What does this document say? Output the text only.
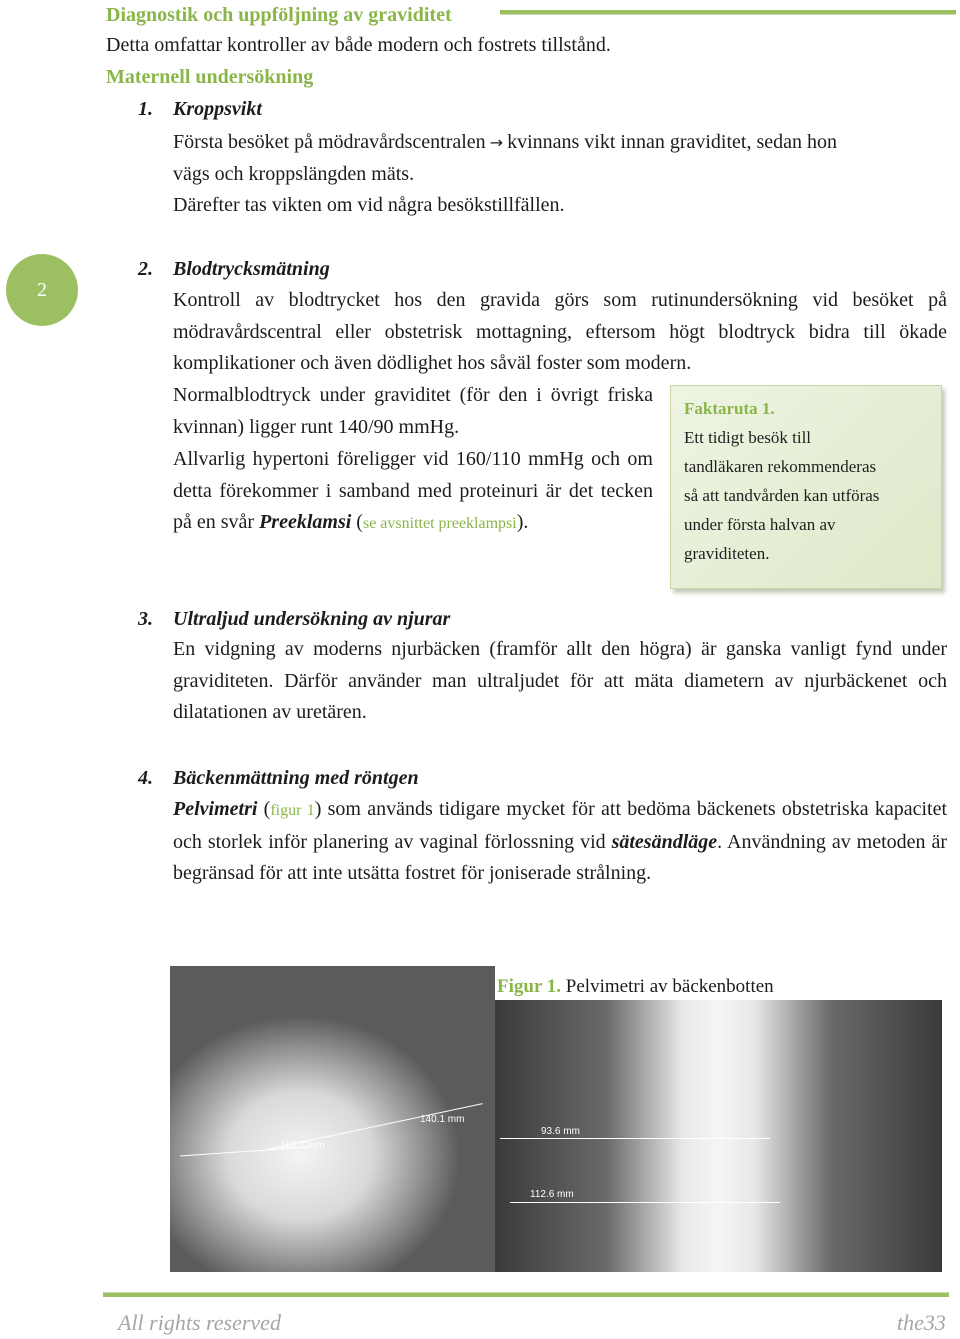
Diagnostik och uppföljning av graviditet
Detta omfattar kontroller av både modern och fostrets tillstånd.
Maternell undersökning
1. Kroppsvikt
Första besöket på mödravårdscentralen → kvinnans vikt innan graviditet, sedan hon
vägs och kroppslängden mäts.
Därefter tas vikten om vid några besökstillfällen.
2
2. Blodtrycksmätning
Kontroll av blodtrycket hos den gravida görs som rutinundersökning vid besöket på mödravårdscentral eller obstetrisk mottagning, eftersom högt blodtryck bidra till ökade komplikationer och även dödlighet hos såväl foster som modern.
Normalblodtryck under graviditet (för den i övrigt friska kvinnan) ligger runt 140/90 mmHg.
Allvarlig hypertoni föreligger vid 160/110 mmHg och om detta förekommer i samband med proteinuri är det tecken på en svår Preeklamsi (se avsnittet preeklampsi).
Faktaruta 1.
Ett tidigt besök till
tandläkaren rekommenderas
så att tandvården kan utföras
under första halvan av
graviditeten.
3. Ultraljud undersökning av njurar
En vidgning av moderns njurbäcken (framför allt den högra) är ganska vanligt fynd under graviditeten. Därför använder man ultraljudet för att mäta diametern av njurbäckenet och dilatationen av uretären.
4. Bäckenmättning med röntgen
Pelvimetri (figur 1) som används tidigare mycket för att bedöma bäckenets obstetriska kapacitet och storlek inför planering av vaginal förlossning vid sätesändläge. Användning av metoden är begränsad för att inte utsätta fostret för joniserade strålning.
140.1 mm
158.7 mm
93.6 mm
112.6 mm
Figur 1. Pelvimetri av bäckenbotten
All rights reserved	the33
